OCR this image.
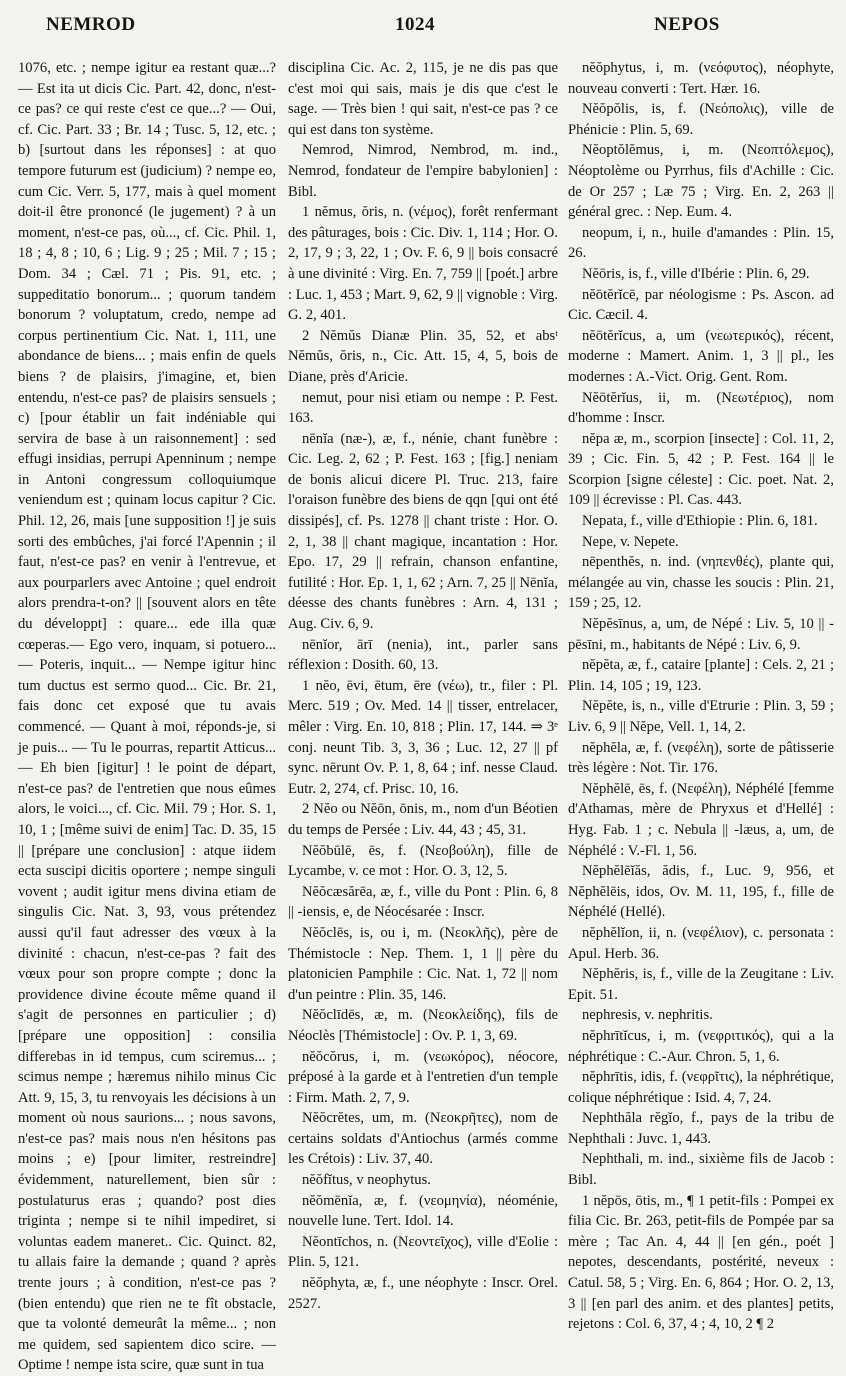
NEMROD	1024	NEPOS

1076, etc. ; nempe igitur ea restant quæ...? — Est ita ut dicis Cic. Part. 42, donc, n'est-ce pas? ce qui reste c'est ce que...? — Oui, cf. Cic. Part. 33 ; Br. 14 ; Tusc. 5, 12, etc. ; b) [surtout dans les réponses] : at quo tempore futurum est (judicium) ? nempe eo, cum Cic. Verr. 5, 177, mais à quel moment doit-il être prononcé (le jugement) ? à un moment, n'est-ce pas, où..., cf. Cic. Phil. 1, 18 ; 4, 8 ; 10, 6 ; Lig. 9 ; 25 ; Mil. 7 ; 15 ; Dom. 34 ; Cæl. 71 ; Pis. 91, etc. ; suppeditatio bonorum... ; quorum tandem bonorum ? voluptatum, credo, nempe ad corpus pertinentium Cic. Nat. 1, 111, une abondance de biens... ; mais enfin de quels biens ? de plaisirs, j'imagine, et, bien entendu, n'est-ce pas? de plaisirs sensuels ; c) [pour établir un fait indéniable qui servira de base à un raisonnement] : sed effugi insidias, perrupi Apenninum ; nempe in Antoni congressum colloquiumque veniendum est ; quinam locus capitur ? Cic. Phil. 12, 26, mais [une supposition !] je suis sorti des embûches, j'ai forcé l'Apennin ; il faut, n'est-ce pas? en venir à l'entrevue, et aux pourparlers avec Antoine ; quel endroit alors prendra-t-on? || [souvent alors en tête du développt] : quare... ede illa quæ cœperas.— Ego vero, inquam, si potuero... — Poteris, inquit... — Nempe igitur hinc tum ductus est sermo quod... Cic. Br. 21, fais donc cet exposé que tu avais commencé. — Quant à moi, réponds-je, si je puis... — Tu le pourras, repartit Atticus... — Eh bien [igitur] ! le point de départ, n'est-ce pas? de l'entretien que nous eûmes alors, le voici..., cf. Cic. Mil. 79 ; Hor. S. 1, 10, 1 ; [même suivi de enim] Tac. D. 35, 15 || [prépare une conclusion] : atque iidem ecta suscipi dicitis oportere ; nempe singuli vovent ; audit igitur mens divina etiam de singulis Cic. Nat. 3, 93, vous prétendez aussi qu'il faut adresser des vœux à la divinité : chacun, n'est-ce-pas ? fait des vœux pour son propre compte ; donc la providence divine écoute même quand il s'agit de personnes en particulier ; d) [prépare une opposition] : consilia differebas in id tempus, cum sciremus... ; scimus nempe ; hæremus nihilo minus Cic Att. 9, 15, 3, tu renvoyais les décisions à un moment où nous saurions... ; nous savons, n'est-ce pas? mais nous n'en hésitons pas moins ; e) [pour limiter, restreindre] évidemment, naturellement, bien sûr : postulaturus eras ; quando? post dies triginta ; nempe si te nihil impediret, si voluntas eadem maneret.. Cic. Quinct. 82, tu allais faire la demande ; quand ? après trente jours ; à condition, n'est-ce pas ? (bien entendu) que rien ne te fît obstacle, que ta volonté demeurât la même... ; non me quidem, sed sapientem dico scire. — Optime ! nempe ista scire, quæ sunt in tua

disciplina Cic. Ac. 2, 115, je ne dis pas que c'est moi qui sais, mais je dis que c'est le sage. — Très bien ! qui sait, n'est-ce pas ? ce qui est dans ton système.

Nemrod, Nimrod, Nembrod, m. ind., Nemrod, fondateur de l'empire babylonien] : Bibl.

1 nĕmus, ŏris, n. (νέμος), forêt renfermant des pâturages, bois : Cic. Div. 1, 114 ; Hor. O. 2, 17, 9 ; 3, 22, 1 ; Ov. F. 6, 9 || bois consacré à une divinité : Virg. En. 7, 759 || [poét.] arbre : Luc. 1, 453 ; Mart. 9, 62, 9 || vignoble : Virg. G. 2, 401.

2 Nĕmŭs Dianæ Plin. 35, 52, et absᵗ Nĕmŭs, ŏris, n., Cic. Att. 15, 4, 5, bois de Diane, près d'Aricie.

nemut, pour nisi etiam ou nempe : P. Fest. 163.

nēnĭa (næ-), æ, f., nénie, chant funèbre : Cic. Leg. 2, 62 ; P. Fest. 163 ; [fig.] neniam de bonis alicui dicere Pl. Truc. 213, faire l'oraison funèbre des biens de qqn [qui ont été dissipés], cf. Ps. 1278 || chant triste : Hor. O. 2, 1, 38 || chant magique, incantation : Hor. Epo. 17, 29 || refrain, chanson enfantine, futilité : Hor. Ep. 1, 1, 62 ; Arn. 7, 25 || Nēnĭa, déesse des chants funèbres : Arn. 4, 131 ; Aug. Civ. 6, 9.

nēnĭor, ārī (nenia), int., parler sans réflexion : Dosith. 60, 13.

1 nĕo, ēvi, ētum, ēre (νέω), tr., filer : Pl. Merc. 519 ; Ov. Med. 14 || tisser, entrelacer, mêler : Virg. En. 10, 818 ; Plin. 17, 144. ⇒ 3ᵉ conj. neunt Tib. 3, 3, 36 ; Luc. 12, 27 || pf sync. nērunt Ov. P. 1, 8, 64 ; inf. nesse Claud. Eutr. 2, 274, cf. Prisc. 10, 16.

2 Nĕo ou Nĕōn, ōnis, m., nom d'un Béotien du temps de Persée : Liv. 44, 43 ; 45, 31.

Nĕŏbūlē, ēs, f. (Νεοβούλη), fille de Lycambe, v. ce mot : Hor. O. 3, 12, 5.

Nĕŏcæsărēa, æ, f., ville du Pont : Plin. 6, 8 || -iensis, e, de Néocésarée : Inscr.

Nĕŏclēs, is, ou i, m. (Νεοκλῆς), père de Thémistocle : Nep. Them. 1, 1 || père du platonicien Pamphile : Cic. Nat. 1, 72 || nom d'un peintre : Plin. 35, 146.

Nĕŏclīdēs, æ, m. (Νεοκλείδης), fils de Néoclès [Thémistocle] : Ov. P. 1, 3, 69.

nĕŏcŏrus, i, m. (νεωκόρος), néocore, préposé à la garde et à l'entretien d'un temple : Firm. Math. 2, 7, 9.

Nĕŏcrĕtes, um, m. (Νεοκρῆτες), nom de certains soldats d'Antiochus (armés comme les Crétois) : Liv. 37, 40.

nĕŏfĭtus, v neophytus.

nĕŏmēnĭa, æ, f. (νεομηνία), néoménie, nouvelle lune. Tert. Idol. 14.

Nĕontīchos, n. (Νεοντεῖχος), ville d'Eolie : Plin. 5, 121.

nĕŏphyta, æ, f., une néophyte : Inscr. Orel. 2527.

nĕŏphytus, i, m. (νεόφυτος), néophyte, nouveau converti : Tert. Hær. 16.

Nĕŏpŏlis, is, f. (Νεόπολις), ville de Phénicie : Plin. 5, 69.

Nĕoptŏlĕmus, i, m. (Νεοπτόλεμος), Néoptolème ou Pyrrhus, fils d'Achille : Cic. de Or 257 ; Læ 75 ; Virg. En. 2, 263 || général grec. : Nep. Eum. 4.

neopum, i, n., huile d'amandes : Plin. 15, 26.

Nĕōris, is, f., ville d'Ibérie : Plin. 6, 29.

nĕōtĕrĭcē, par néologisme : Ps. Ascon. ad Cic. Cæcil. 4.

nĕōtĕrĭcus, a, um (νεωτερικός), récent, moderne : Mamert. Anim. 1, 3 || pl., les modernes : A.-Vict. Orig. Gent. Rom.

Nĕōtĕrĭus, ii, m. (Νεωτέριος), nom d'homme : Inscr.

nĕpa æ, m., scorpion [insecte] : Col. 11, 2, 39 ; Cic. Fin. 5, 42 ; P. Fest. 164 || le Scorpion [signe céleste] : Cic. poet. Nat. 2, 109 || écrevisse : Pl. Cas. 443.

Nepata, f., ville d'Ethiopie : Plin. 6, 181.

Nepe, v. Nepete.

nēpenthĕs, n. ind. (νηπενθές), plante qui, mélangée au vin, chasse les soucis : Plin. 21, 159 ; 25, 12.

Nĕpĕsīnus, a, um, de Népé : Liv. 5, 10 || -pēsīni, m., habitants de Népé : Liv. 6, 9.

nĕpĕta, æ, f., cataire [plante] : Cels. 2, 21 ; Plin. 14, 105 ; 19, 123.

Nĕpĕte, is, n., ville d'Etrurie : Plin. 3, 59 ; Liv. 6, 9 || Nĕpe, Vell. 1, 14, 2.

nĕphĕla, æ, f. (νεφέλη), sorte de pâtisserie très légère : Not. Tir. 176.

Nĕphĕlē, ēs, f. (Νεφέλη), Néphélé [femme d'Athamas, mère de Phryxus et d'Hellé] : Hyg. Fab. 1 ; c. Nebula || -læus, a, um, de Néphélé : V.-Fl. 1, 56.

Nĕphĕlēĭăs, ădis, f., Luc. 9, 956, et Nĕphĕlēis, idos, Ov. M. 11, 195, f., fille de Néphélé (Hellé).

nĕphĕlĭon, ii, n. (νεφέλιον), c. personata : Apul. Herb. 36.

Nĕphĕris, is, f., ville de la Zeugitane : Liv. Epit. 51.

nephresis, v. nephritis.

nĕphrītĭcus, i, m. (νεφριτικός), qui a la néphrétique : C.-Aur. Chron. 5, 1, 6.

nĕphrītis, idis, f. (νεφρῖτις), la néphrétique, colique néphrétique : Isid. 4, 7, 24.

Nephthăla rĕgĭo, f., pays de la tribu de Nephthali : Juvc. 1, 443.

Nephthali, m. ind., sixième fils de Jacob : Bibl.

1 nĕpōs, ōtis, m., ¶ 1 petit-fils : Pompei ex filia Cic. Br. 263, petit-fils de Pompée par sa mère ; Tac An. 4, 44 || [en gén., poét ] nepotes, descendants, postérité, neveux : Catul. 58, 5 ; Virg. En. 6, 864 ; Hor. O. 2, 13, 3 || [en parl des anim. et des plantes] petits, rejetons : Col. 6, 37, 4 ; 4, 10, 2 ¶ 2
